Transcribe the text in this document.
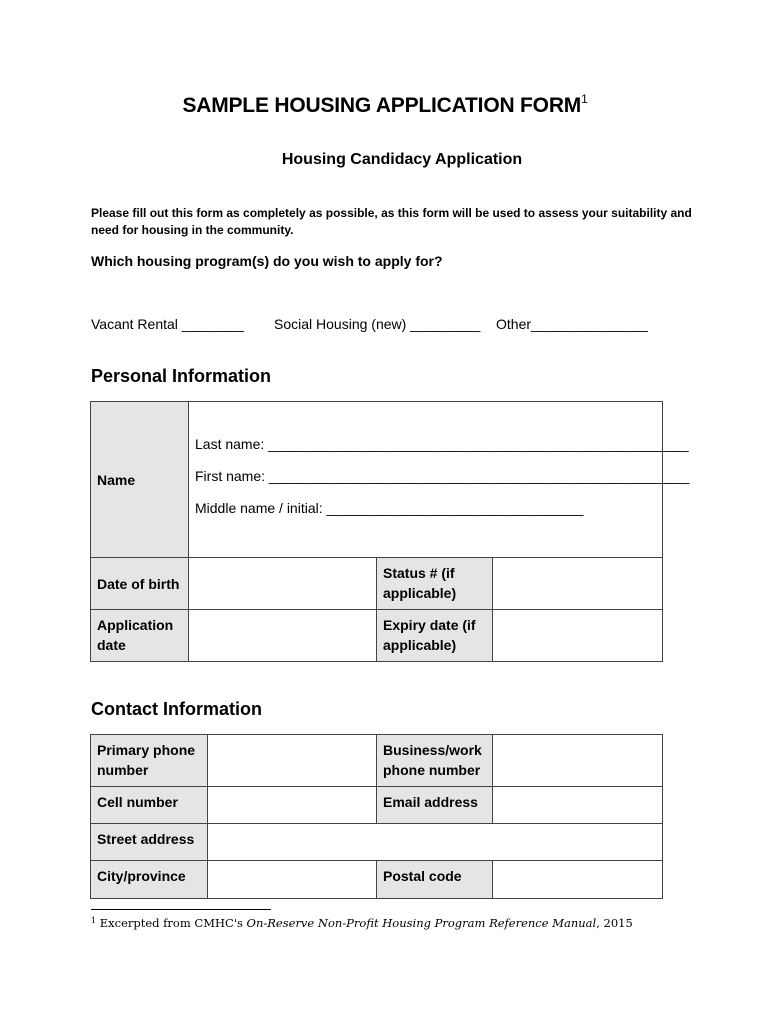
SAMPLE HOUSING APPLICATION FORM$^1$
Housing Candidacy Application
Please fill out this form as completely as possible, as this form will be used to assess your suitability and need for housing in the community.
Which housing program(s) do you wish to apply for?
Vacant Rental ________ Social Housing (new) _________ Other_______________
Personal Information
Name	Last name: ______________________________________________________
First name: ______________________________________________________
Middle name / initial: _________________________________		

Date of birth		Status # (if applicable)	
Application date		Expiry date (if applicable)	
Contact Information
Primary phone number		Business/work phone number	
Cell number		Email address	
Street address			
City/province		Postal code	
$^1$ Excerpted from CMHC's On-Reserve Non-Profit Housing Program Reference Manual, 2015
